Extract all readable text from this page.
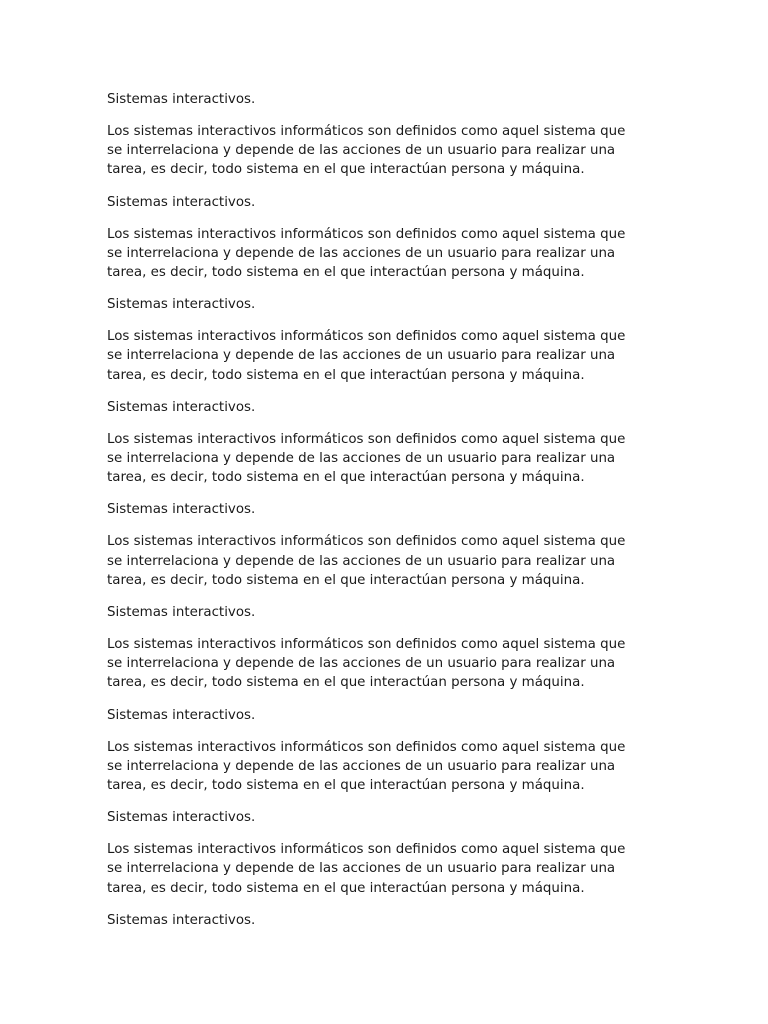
Sistemas interactivos.

Los sistemas interactivos informáticos son definidos como aquel sistema que
se interrelaciona y depende de las acciones de un usuario para realizar una
tarea, es decir, todo sistema en el que interactúan persona y máquina.

Sistemas interactivos.

Los sistemas interactivos informáticos son definidos como aquel sistema que
se interrelaciona y depende de las acciones de un usuario para realizar una
tarea, es decir, todo sistema en el que interactúan persona y máquina.

Sistemas interactivos.

Los sistemas interactivos informáticos son definidos como aquel sistema que
se interrelaciona y depende de las acciones de un usuario para realizar una
tarea, es decir, todo sistema en el que interactúan persona y máquina.

Sistemas interactivos.

Los sistemas interactivos informáticos son definidos como aquel sistema que
se interrelaciona y depende de las acciones de un usuario para realizar una
tarea, es decir, todo sistema en el que interactúan persona y máquina.

Sistemas interactivos.

Los sistemas interactivos informáticos son definidos como aquel sistema que
se interrelaciona y depende de las acciones de un usuario para realizar una
tarea, es decir, todo sistema en el que interactúan persona y máquina.

Sistemas interactivos.

Los sistemas interactivos informáticos son definidos como aquel sistema que
se interrelaciona y depende de las acciones de un usuario para realizar una
tarea, es decir, todo sistema en el que interactúan persona y máquina.

Sistemas interactivos.

Los sistemas interactivos informáticos son definidos como aquel sistema que
se interrelaciona y depende de las acciones de un usuario para realizar una
tarea, es decir, todo sistema en el que interactúan persona y máquina.

Sistemas interactivos.

Los sistemas interactivos informáticos son definidos como aquel sistema que
se interrelaciona y depende de las acciones de un usuario para realizar una
tarea, es decir, todo sistema en el que interactúan persona y máquina.

Sistemas interactivos.
